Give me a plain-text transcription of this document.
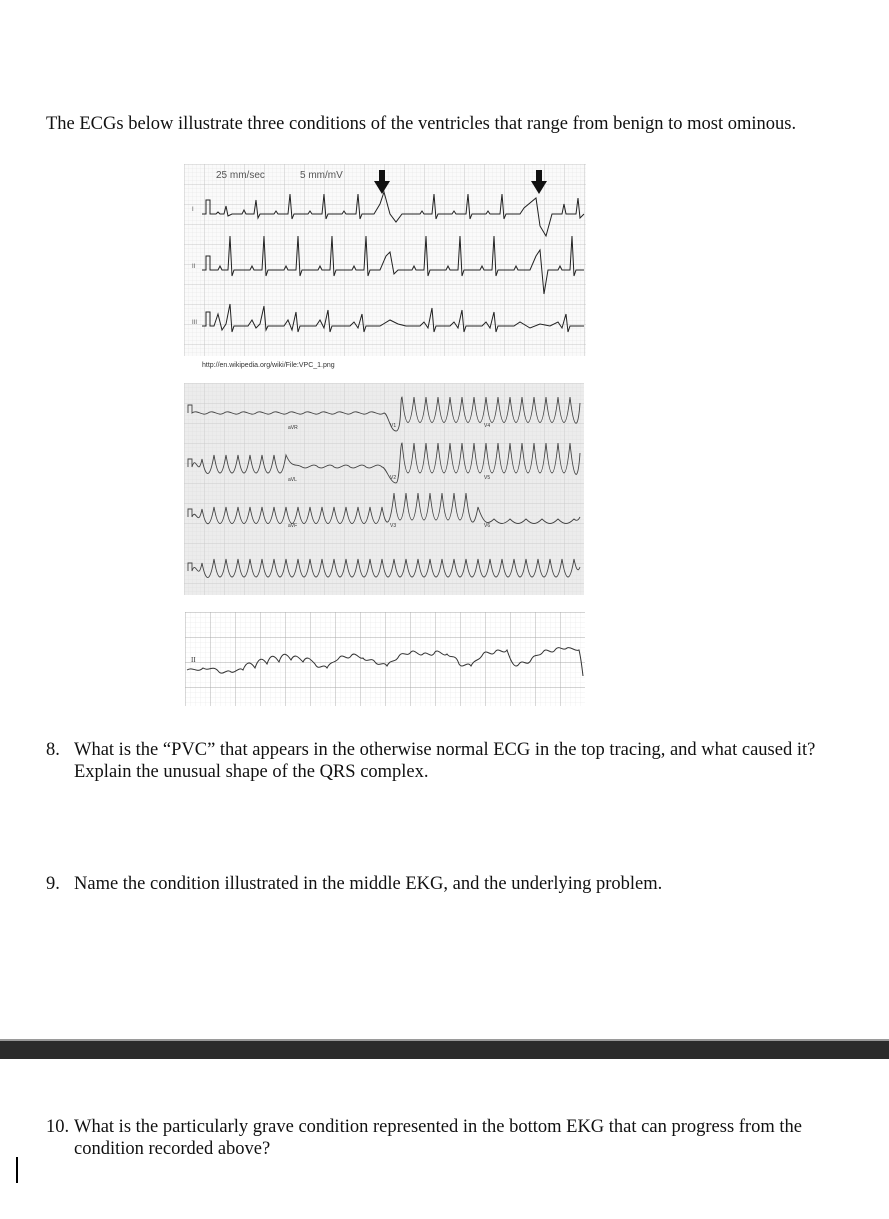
The ECGs below illustrate three conditions of the ventricles that range from benign to most ominous.
25 mm/sec	5 mm/mV
I
II
III
http://en.wikipedia.org/wiki/File:VPC_1.png
aVR	V1	V4
aVL	V2	V5
aVF	V3	V6
II
8. What is the “PVC” that appears in the otherwise normal ECG in the top tracing, and what caused it?
Explain the unusual shape of the QRS complex.
9. Name the condition illustrated in the middle EKG, and the underlying problem.
10. What is the particularly grave condition represented in the bottom EKG that can progress from the
condition recorded above?
